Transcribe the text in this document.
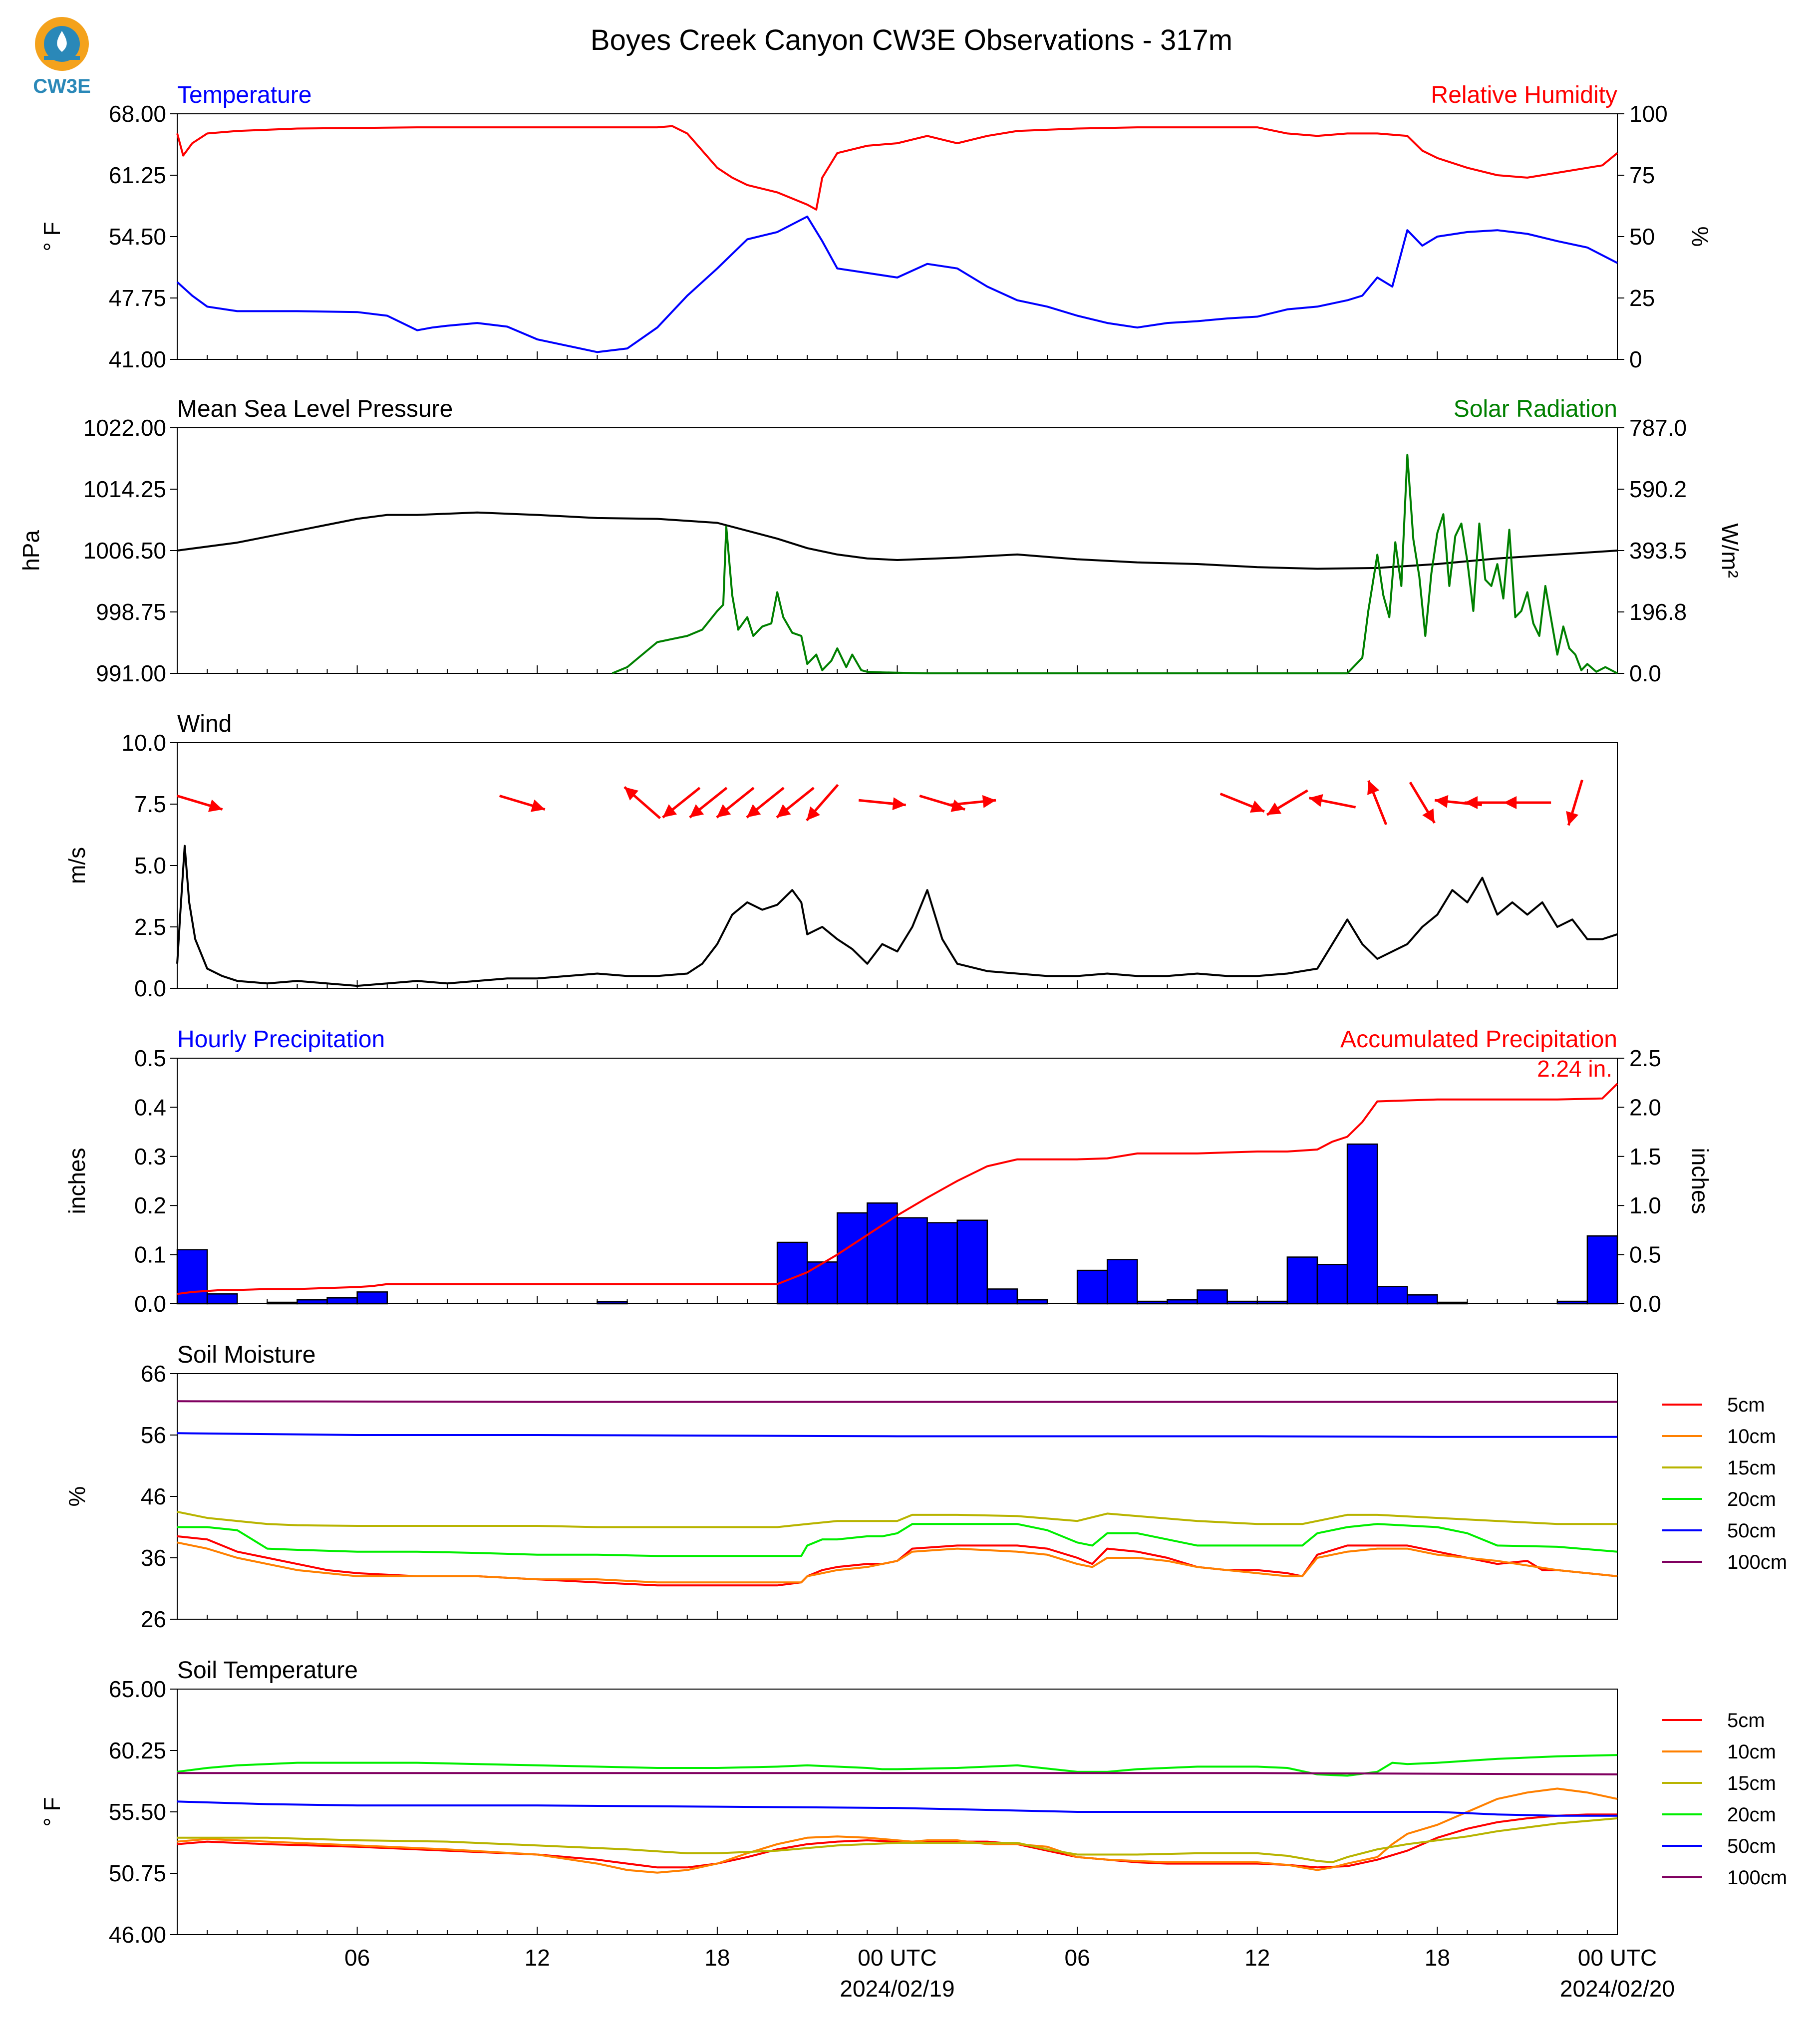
CW3E
Boyes Creek Canyon CW3E Observations - 317m
41.00
47.75
54.50
61.25
68.00
0
25
50
75
100
° F	%
Temperature	Relative Humidity
991.00
998.75
1006.50
1014.25
1022.00
0.0
196.8
393.5
590.2
787.0
hPa	W/m²
Mean Sea Level Pressure	Solar Radiation
0.0
2.5
5.0
7.5
10.0
m/s
Wind
0.0
0.1
0.2
0.3
0.4
0.5
0.0
0.5
1.0
1.5
2.0
2.5
inches	inches
Hourly Precipitation	Accumulated Precipitation
2.24 in.
26
36
46
56
66
%
Soil Moisture
5cm
10cm
15cm
20cm
50cm
100cm
46.00
50.75
55.50
60.25
65.00
° F
Soil Temperature
5cm
10cm
15cm
20cm
50cm
100cm
06	12	18	00 UTC	06	12	18	00 UTC
2024/02/19	2024/02/20
